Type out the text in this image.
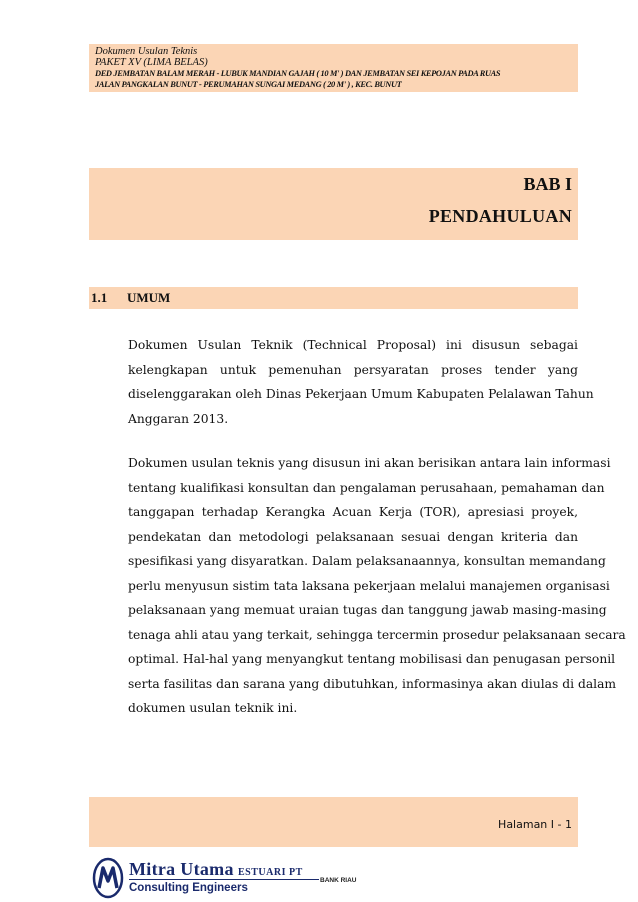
Dokumen Usulan Teknis
PAKET XV (LIMA BELAS)
DED JEMBATAN BALAM MERAH - LUBUK MANDIAN GAJAH ( 10 M' ) DAN JEMBATAN SEI KEPOJAN PADA RUAS
JALAN PANGKALAN BUNUT - PERUMAHAN SUNGAI MEDANG ( 20 M' ) , KEC. BUNUT
BAB I
PENDAHULUAN
1.1 UMUM
Dokumen Usulan Teknik (Technical Proposal) ini disusun sebagai
kelengkapan untuk pemenuhan persyaratan proses tender yang
diselenggarakan oleh Dinas Pekerjaan Umum Kabupaten Pelalawan Tahun
Anggaran 2013.
Dokumen usulan teknis yang disusun ini akan berisikan antara lain informasi
tentang kualifikasi konsultan dan pengalaman perusahaan, pemahaman dan
tanggapan terhadap Kerangka Acuan Kerja (TOR), apresiasi proyek,
pendekatan dan metodologi pelaksanaan sesuai dengan kriteria dan
spesifikasi yang disyaratkan. Dalam pelaksanaannya, konsultan memandang
perlu menyusun sistim tata laksana pekerjaan melalui manajemen organisasi
pelaksanaan yang memuat uraian tugas dan tanggung jawab masing-masing
tenaga ahli atau yang terkait, sehingga tercermin prosedur pelaksanaan secara
optimal. Hal-hal yang menyangkut tentang mobilisasi dan penugasan personil
serta fasilitas dan sarana yang dibutuhkan, informasinya akan diulas di dalam
dokumen usulan teknik ini.
Halaman I - 1
Mitra Utama ESTUARI PT
Consulting Engineers
BANK RIAU
